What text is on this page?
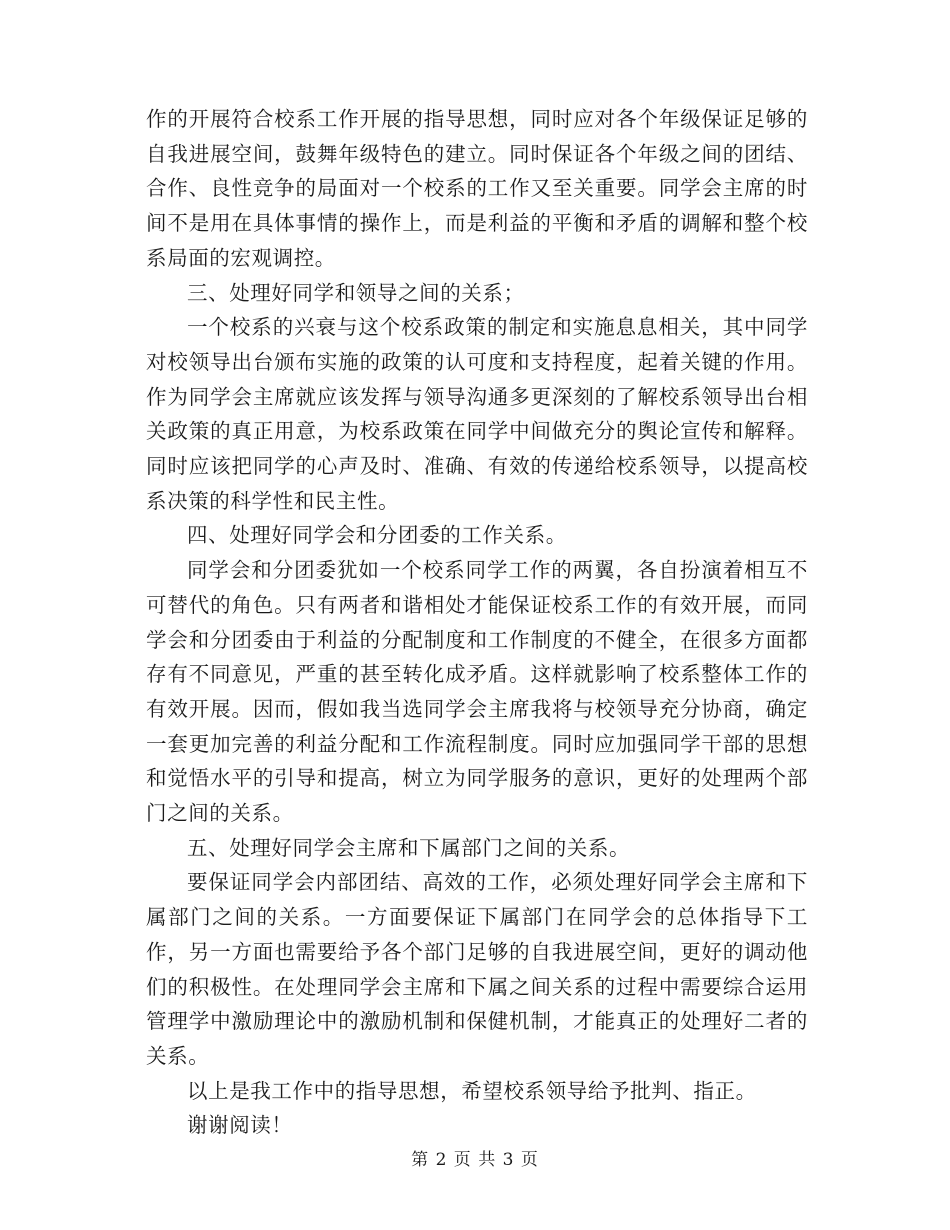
作的开展符合校系工作开展的指导思想，同时应对各个年级保证足够的自我进展空间，鼓舞年级特色的建立。同时保证各个年级之间的团结、合作、良性竞争的局面对一个校系的工作又至关重要。同学会主席的时间不是用在具体事情的操作上，而是利益的平衡和矛盾的调解和整个校系局面的宏观调控。

三、处理好同学和领导之间的关系；

一个校系的兴衰与这个校系政策的制定和实施息息相关，其中同学对校领导出台颁布实施的政策的认可度和支持程度，起着关键的作用。作为同学会主席就应该发挥与领导沟通多更深刻的了解校系领导出台相关政策的真正用意，为校系政策在同学中间做充分的舆论宣传和解释。同时应该把同学的心声及时、准确、有效的传递给校系领导，以提高校系决策的科学性和民主性。

四、处理好同学会和分团委的工作关系。

同学会和分团委犹如一个校系同学工作的两翼，各自扮演着相互不可替代的角色。只有两者和谐相处才能保证校系工作的有效开展，而同学会和分团委由于利益的分配制度和工作制度的不健全，在很多方面都存有不同意见，严重的甚至转化成矛盾。这样就影响了校系整体工作的有效开展。因而，假如我当选同学会主席我将与校领导充分协商，确定一套更加完善的利益分配和工作流程制度。同时应加强同学干部的思想和觉悟水平的引导和提高，树立为同学服务的意识，更好的处理两个部门之间的关系。

五、处理好同学会主席和下属部门之间的关系。

要保证同学会内部团结、高效的工作，必须处理好同学会主席和下属部门之间的关系。一方面要保证下属部门在同学会的总体指导下工作，另一方面也需要给予各个部门足够的自我进展空间，更好的调动他们的积极性。在处理同学会主席和下属之间关系的过程中需要综合运用管理学中激励理论中的激励机制和保健机制，才能真正的处理好二者的关系。

以上是我工作中的指导思想，希望校系领导给予批判、指正。

谢谢阅读！

第 2 页 共 3 页
